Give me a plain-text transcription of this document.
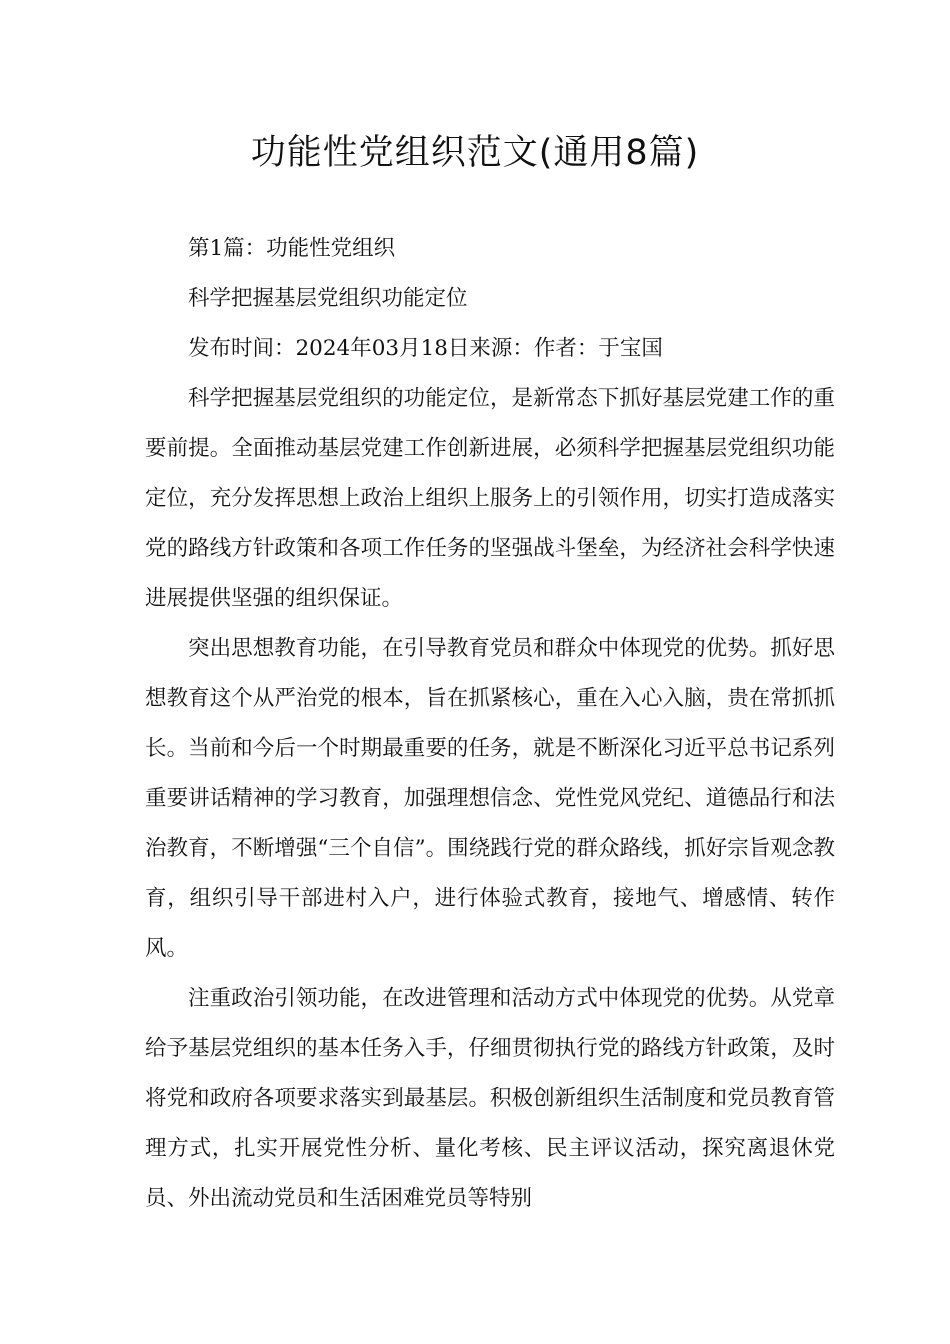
功能性党组织范文(通用8篇)

第1篇：功能性党组织

科学把握基层党组织功能定位

发布时间：2024年03月18日来源：作者：于宝国

科学把握基层党组织的功能定位，是新常态下抓好基层党建工作的重要前提。全面推动基层党建工作创新进展，必须科学把握基层党组织功能定位，充分发挥思想上政治上组织上服务上的引领作用，切实打造成落实党的路线方针政策和各项工作任务的坚强战斗堡垒，为经济社会科学快速进展提供坚强的组织保证。

突出思想教育功能，在引导教育党员和群众中体现党的优势。抓好思想教育这个从严治党的根本，旨在抓紧核心，重在入心入脑，贵在常抓抓长。当前和今后一个时期最重要的任务，就是不断深化习近平总书记系列重要讲话精神的学习教育，加强理想信念、党性党风党纪、道德品行和法治教育，不断增强“三个自信”。围绕践行党的群众路线，抓好宗旨观念教育，组织引导干部进村入户，进行体验式教育，接地气、增感情、转作风。

注重政治引领功能，在改进管理和活动方式中体现党的优势。从党章给予基层党组织的基本任务入手，仔细贯彻执行党的路线方针政策，及时将党和政府各项要求落实到最基层。积极创新组织生活制度和党员教育管理方式，扎实开展党性分析、量化考核、民主评议活动，探究离退休党员、外出流动党员和生活困难党员等特别
